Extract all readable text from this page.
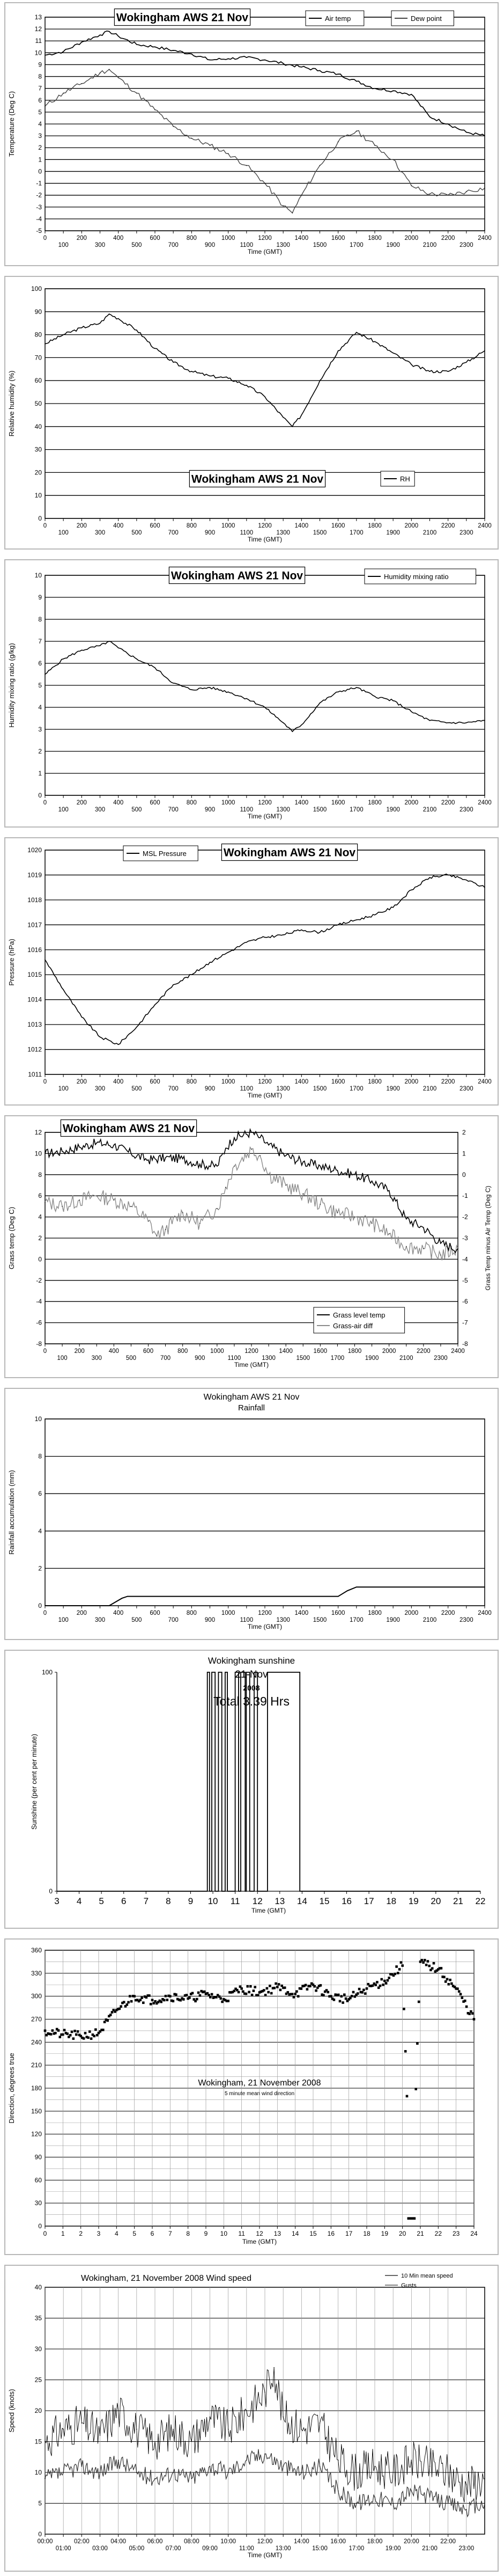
-5
-4
-3
-2
-1
0
1
2
3
4
5
6
7
8
9
10
11
12
13
0	200	400	600	800	1000	1200	1400	1600	1800	2000	2200	2400
100	300	500	700	900	1100	1300	1500	1700	1900	2100	2300
Time (GMT)
Temperature (Deg C)
Wokingham AWS 21 Nov	Air temp	Dew point
0
10
20
30
40
50
60
70
80
90
100
0	200	400	600	800	1000	1200	1400	1600	1800	2000	2200	2400
100	300	500	700	900	1100	1300	1500	1700	1900	2100	2300
Time (GMT)
Relative humidity (%)
Wokingham AWS 21 Nov	RH
0
1
2
3
4
5
6
7
8
9
10
0	200	400	600	800	1000	1200	1400	1600	1800	2000	2200	2400
100	300	500	700	900	1100	1300	1500	1700	1900	2100	2300
Time (GMT)
Humidity mixing ratio (g/kg)
Wokingham AWS 21 Nov	Humidity mixing ratio
1011
1012
1013
1014
1015
1016
1017
1018
1019
1020
0	200	400	600	800	1000	1200	1400	1600	1800	2000	2200	2400
100	300	500	700	900	1100	1300	1500	1700	1900	2100	2300
Time (GMT)
Pressure (hPa)
MSL Pressure	Wokingham AWS 21 Nov
-8
-6
-4
-2
0
2
4
6
8
10
12
0	200	400	600	800	1000	1200	1400	1600	1800	2000	2200	2400
100	300	500	700	900	1100	1300	1500	1700	1900	2100	2300
Time (GMT)
Grass temp (Deg C)
-8
-7
-6
-5
-4
-3
-2
-1
0
1
2
Grass Temp minus Air Temp (Deg C)
Wokingham AWS 21 Nov
Grass level temp
Grass-air diff
0
2
4
6
8
10
0	200	400	600	800	1000	1200	1400	1600	1800	2000	2200	2400
100	300	500	700	900	1100	1300	1500	1700	1900	2100	2300
Time (GMT)
Rainfall accumulation (mm)
Wokingham AWS 21 Nov
Rainfall
0
100
3 4 5 6 7 8 9 10 11 12 13 14 15 16 17 18 19 20 21 22
Time (GMT)
Sunshine (per cent per minute)
Wokingham sunshine
21-Nov
2008
Total 3.39 Hrs
0
30
60
90
120
150
180
210
240
270
300
330
360
0 1 2 3 4 5 6 7 8 9 10 11 12 13 14 15 16 17 18 19 20 21 22 23 24
Time (GMT)
Direction, degrees true	Wokingham, 21 November 2008
5 minute mean wind direction
0
5
10
15
20
25
30
35
40
00:00	02:00	04:00	06:00	08:00	10:00	12:00	14:00	16:00	18:00	20:00	22:00
01:00	03:00	05:00	07:00	09:00	11:00	13:00	15:00	17:00	19:00	21:00	23:00
Time (GMT)
Speed (knots)
Wokingham, 21 November 2008 Wind speed	10 Min mean speed
Gusts
